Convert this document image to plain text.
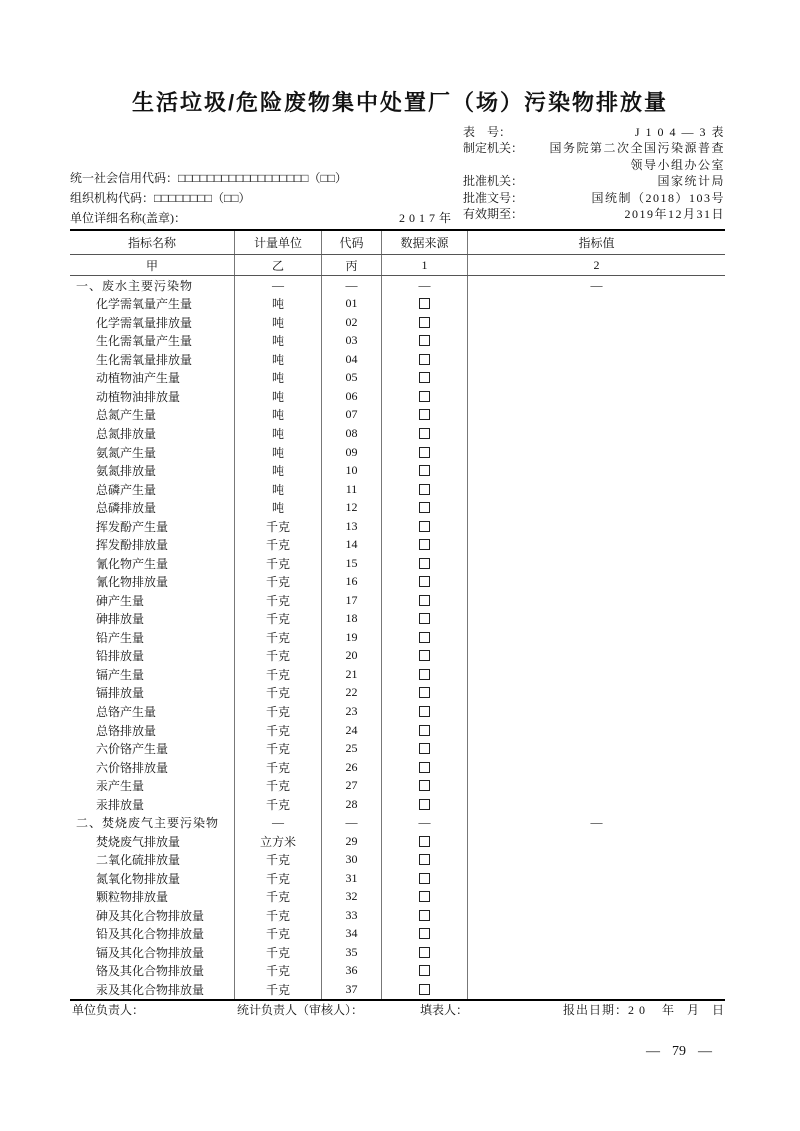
生活垃圾/危险废物集中处置厂（场）污染物排放量
表    号：	J 1 0 4 — 3 表
制定机关：	国务院第二次全国污染源普查
领导小组办公室
批准机关：	国家统计局
批准文号：	国统制（2018）103号
有效期至：	2019年12月31日
统一社会信用代码：□□□□□□□□□□□□□□□□□□（□□）
组织机构代码：□□□□□□□□（□□）
单位详细名称(盖章)：	2017年
指标名称	计量单位	代码	数据来源	指标值
甲	乙	丙	1	2
一、废水主要污染物	—	—	—	—
化学需氧量产生量	吨	01
化学需氧量排放量	吨	02
生化需氧量产生量	吨	03
生化需氧量排放量	吨	04
动植物油产生量	吨	05
动植物油排放量	吨	06
总氮产生量	吨	07
总氮排放量	吨	08
氨氮产生量	吨	09
氨氮排放量	吨	10
总磷产生量	吨	11
总磷排放量	吨	12
挥发酚产生量	千克	13
挥发酚排放量	千克	14
氰化物产生量	千克	15
氰化物排放量	千克	16
砷产生量	千克	17
砷排放量	千克	18
铅产生量	千克	19
铅排放量	千克	20
镉产生量	千克	21
镉排放量	千克	22
总铬产生量	千克	23
总铬排放量	千克	24
六价铬产生量	千克	25
六价铬排放量	千克	26
汞产生量	千克	27
汞排放量	千克	28
二、焚烧废气主要污染物	—	—	—	—
焚烧废气排放量	立方米	29
二氧化硫排放量	千克	30
氮氧化物排放量	千克	31
颗粒物排放量	千克	32
砷及其化合物排放量	千克	33
铅及其化合物排放量	千克	34
镉及其化合物排放量	千克	35
铬及其化合物排放量	千克	36
汞及其化合物排放量	千克	37
单位负责人：	统计负责人（审核人）：	填表人：	报出日期：2 0    年   月   日
— 79 —
